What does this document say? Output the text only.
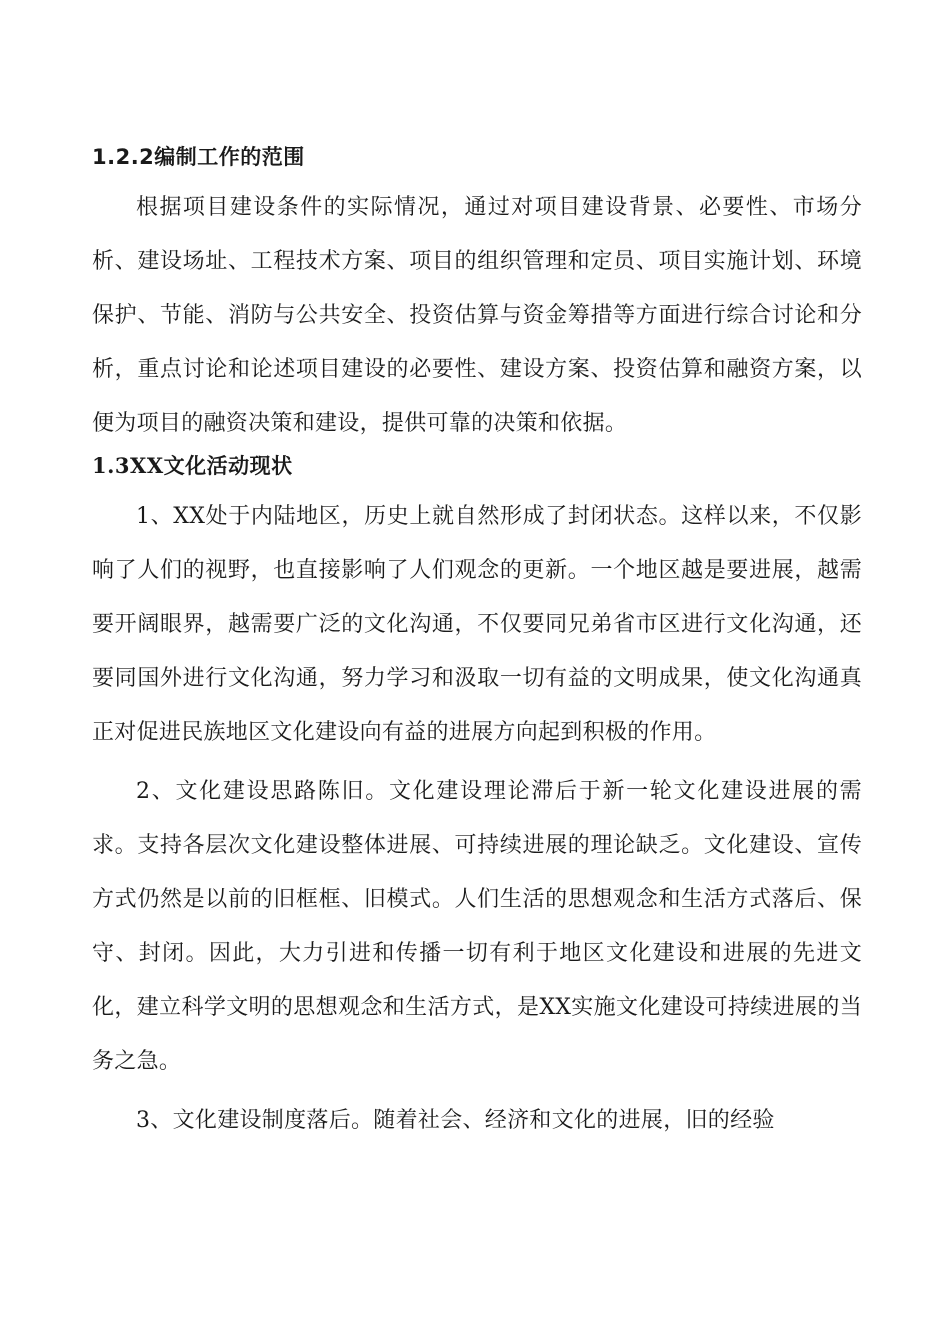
1.2.2编制工作的范围

根据项目建设条件的实际情况，通过对项目建设背景、必要性、市场分析、建设场址、工程技术方案、项目的组织管理和定员、项目实施计划、环境保护、节能、消防与公共安全、投资估算与资金筹措等方面进行综合讨论和分析，重点讨论和论述项目建设的必要性、建设方案、投资估算和融资方案，以便为项目的融资决策和建设，提供可靠的决策和依据。

1.3XX文化活动现状

1、XX处于内陆地区，历史上就自然形成了封闭状态。这样以来，不仅影响了人们的视野，也直接影响了人们观念的更新。一个地区越是要进展，越需要开阔眼界，越需要广泛的文化沟通，不仅要同兄弟省市区进行文化沟通，还要同国外进行文化沟通，努力学习和汲取一切有益的文明成果，使文化沟通真正对促进民族地区文化建设向有益的进展方向起到积极的作用。

2、文化建设思路陈旧。文化建设理论滞后于新一轮文化建设进展的需求。支持各层次文化建设整体进展、可持续进展的理论缺乏。文化建设、宣传方式仍然是以前的旧框框、旧模式。人们生活的思想观念和生活方式落后、保守、封闭。因此，大力引进和传播一切有利于地区文化建设和进展的先进文化，建立科学文明的思想观念和生活方式，是XX实施文化建设可持续进展的当务之急。

3、文化建设制度落后。随着社会、经济和文化的进展，旧的经验
